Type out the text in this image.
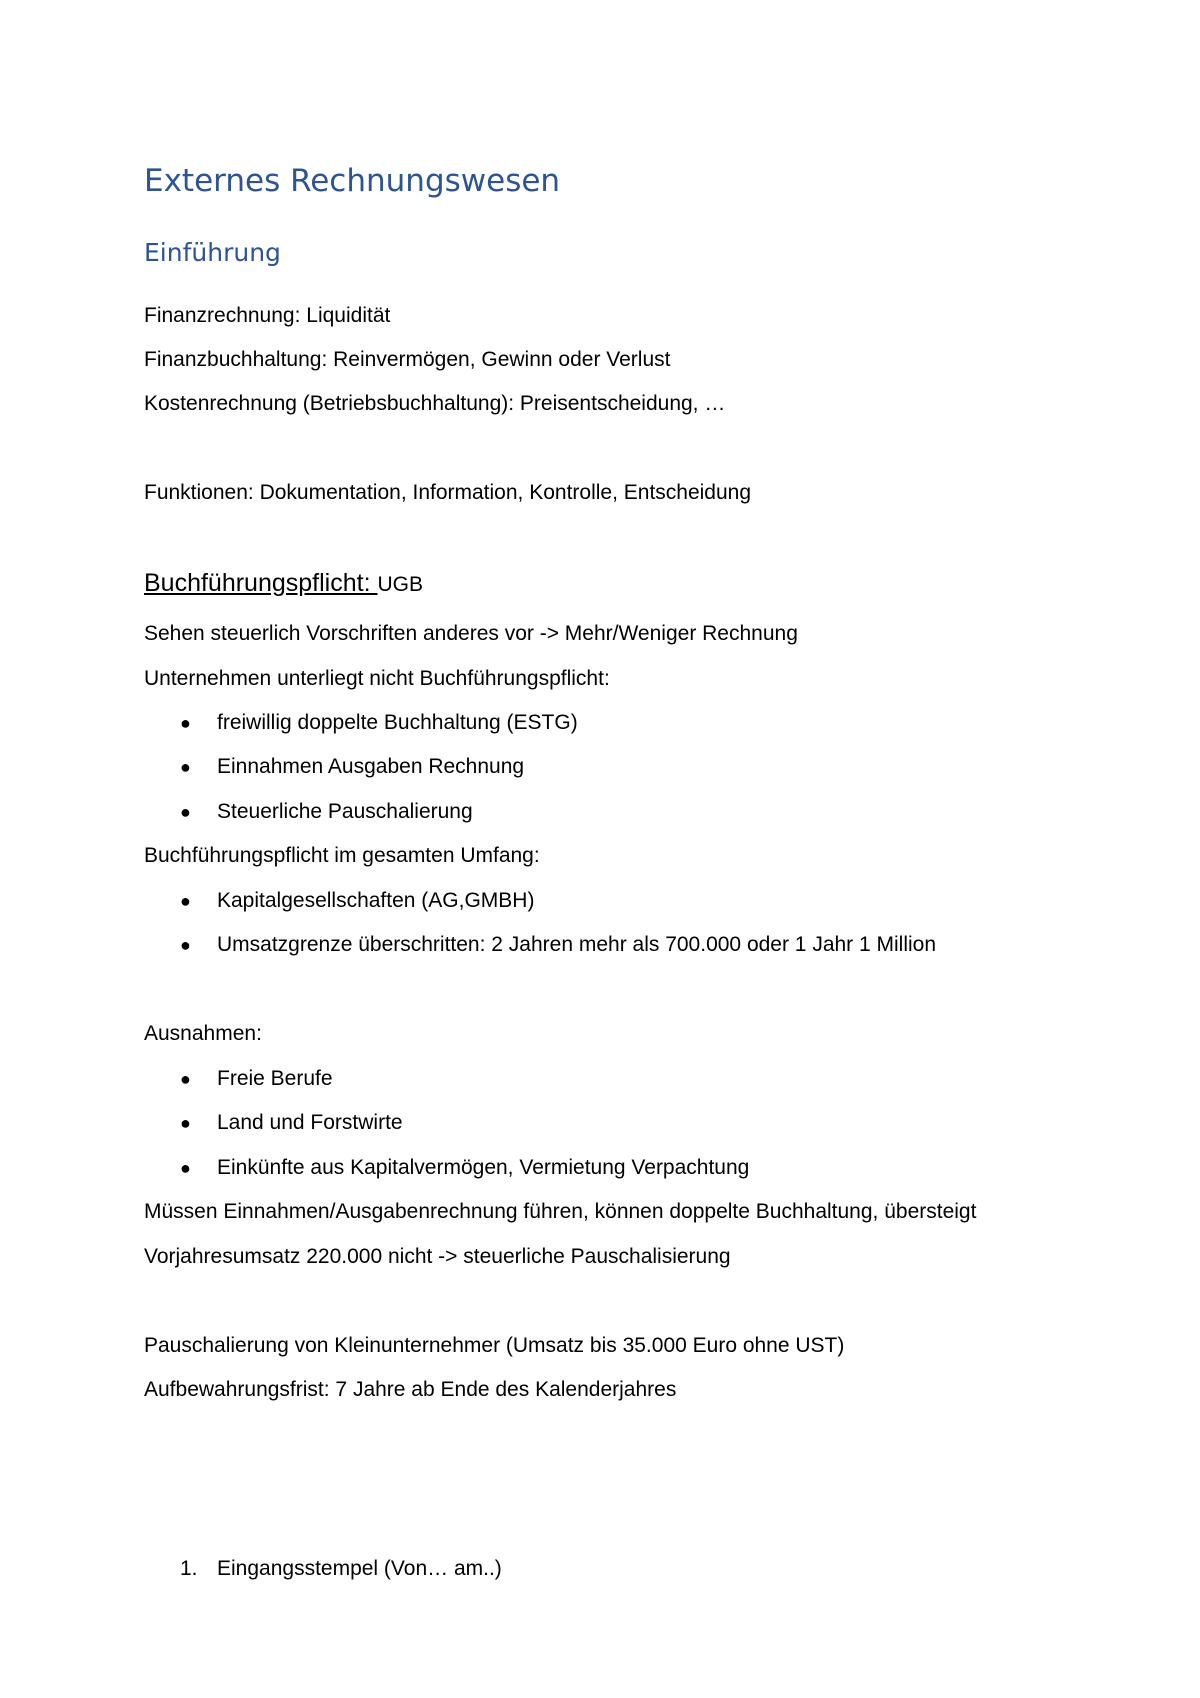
Externes Rechnungswesen
Einführung
Finanzrechnung: Liquidität
Finanzbuchhaltung: Reinvermögen, Gewinn oder Verlust
Kostenrechnung (Betriebsbuchhaltung): Preisentscheidung, …
Funktionen: Dokumentation, Information, Kontrolle, Entscheidung
Buchführungspflicht: UGB
Sehen steuerlich Vorschriften anderes vor -> Mehr/Weniger Rechnung
Unternehmen unterliegt nicht Buchführungspflicht:
● freiwillig doppelte Buchhaltung (ESTG)
● Einnahmen Ausgaben Rechnung
● Steuerliche Pauschalierung
Buchführungspflicht im gesamten Umfang:
● Kapitalgesellschaften (AG,GMBH)
● Umsatzgrenze überschritten: 2 Jahren mehr als 700.000 oder 1 Jahr 1 Million
Ausnahmen:
● Freie Berufe
● Land und Forstwirte
● Einkünfte aus Kapitalvermögen, Vermietung Verpachtung
Müssen Einnahmen/Ausgabenrechnung führen, können doppelte Buchhaltung, übersteigt
Vorjahresumsatz 220.000 nicht -> steuerliche Pauschalisierung
Pauschalierung von Kleinunternehmer (Umsatz bis 35.000 Euro ohne UST)
Aufbewahrungsfrist: 7 Jahre ab Ende des Kalenderjahres
1. Eingangsstempel (Von… am..)
